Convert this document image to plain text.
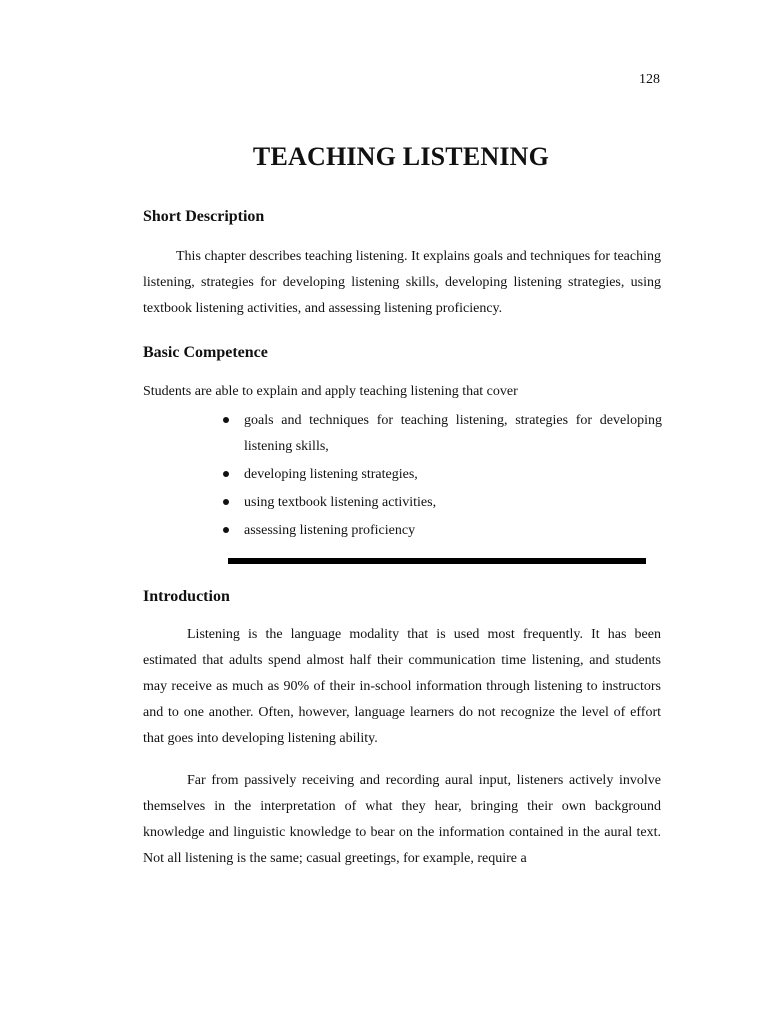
128
TEACHING LISTENING
Short Description

This chapter describes teaching listening. It explains goals and techniques for teaching listening, strategies for developing listening skills, developing listening strategies, using textbook listening activities, and assessing listening proficiency.

Basic Competence
Students are able to explain and apply teaching listening that cover
goals and techniques for teaching listening, strategies for developing listening skills,
developing listening strategies,
using textbook listening activities,
assessing listening proficiency
Introduction

Listening is the language modality that is used most frequently. It has been estimated that adults spend almost half their communication time listening, and students may receive as much as 90% of their in-school information through listening to instructors and to one another. Often, however, language learners do not recognize the level of effort that goes into developing listening ability.

Far from passively receiving and recording aural input, listeners actively involve themselves in the interpretation of what they hear, bringing their own background knowledge and linguistic knowledge to bear on the information contained in the aural text. Not all listening is the same; casual greetings, for example, require a
